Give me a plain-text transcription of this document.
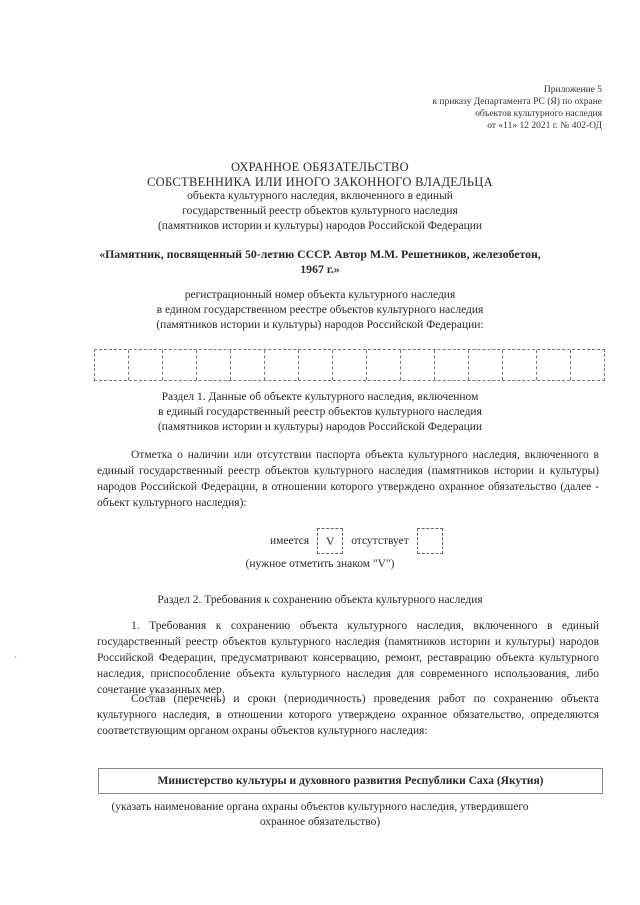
Приложение 5
к приказу Департамента РС (Я) по охране
объектов культурного наследия
от «11» 12 2021 г. № 402-ОД
ОХРАННОЕ ОБЯЗАТЕЛЬСТВО
СОБСТВЕННИКА ИЛИ ИНОГО ЗАКОННОГО ВЛАДЕЛЬЦА
объекта культурного наследия, включенного в единый
государственный реестр объектов культурного наследия
(памятников истории и культуры) народов Российской Федерации
«Памятник, посвященный 50-летию СССР. Автор М.М. Решетников, железобетон,
1967 г.»
регистрационный номер объекта культурного наследия
в едином государственном реестре объектов культурного наследия
(памятников истории и культуры) народов Российской Федерации:
Раздел 1. Данные об объекте культурного наследия, включенном
в единый государственный реестр объектов культурного наследия
(памятников истории и культуры) народов Российской Федерации
Отметка о наличии или отсутствии паспорта объекта культурного наследия, включенного в единый государственный реестр объектов культурного наследия (памятников истории и культуры) народов Российской Федерации, в отношении которого утверждено охранное обязательство (далее - объект культурного наследия):
имеется	V	отсутствует
(нужное отметить знаком "V")
Раздел 2. Требования к сохранению объекта культурного наследия
1. Требования к сохранению объекта культурного наследия, включенного в единый государственный реестр объектов культурного наследия (памятников истории и культуры) народов Российской Федерации, предусматривают консервацию, ремонт, реставрацию объекта культурного наследия, приспособление объекта культурного наследия для современного использования, либо сочетание указанных мер.
Состав (перечень) и сроки (периодичность) проведения работ по сохранению объекта культурного наследия, в отношении которого утверждено охранное обязательство, определяются соответствующим органом охраны объектов культурного наследия:
Министерство культуры и духовного развития Республики Саха (Якутия)
(указать наименование органа охраны объектов культурного наследия, утвердившего
охранное обязательство)
·
